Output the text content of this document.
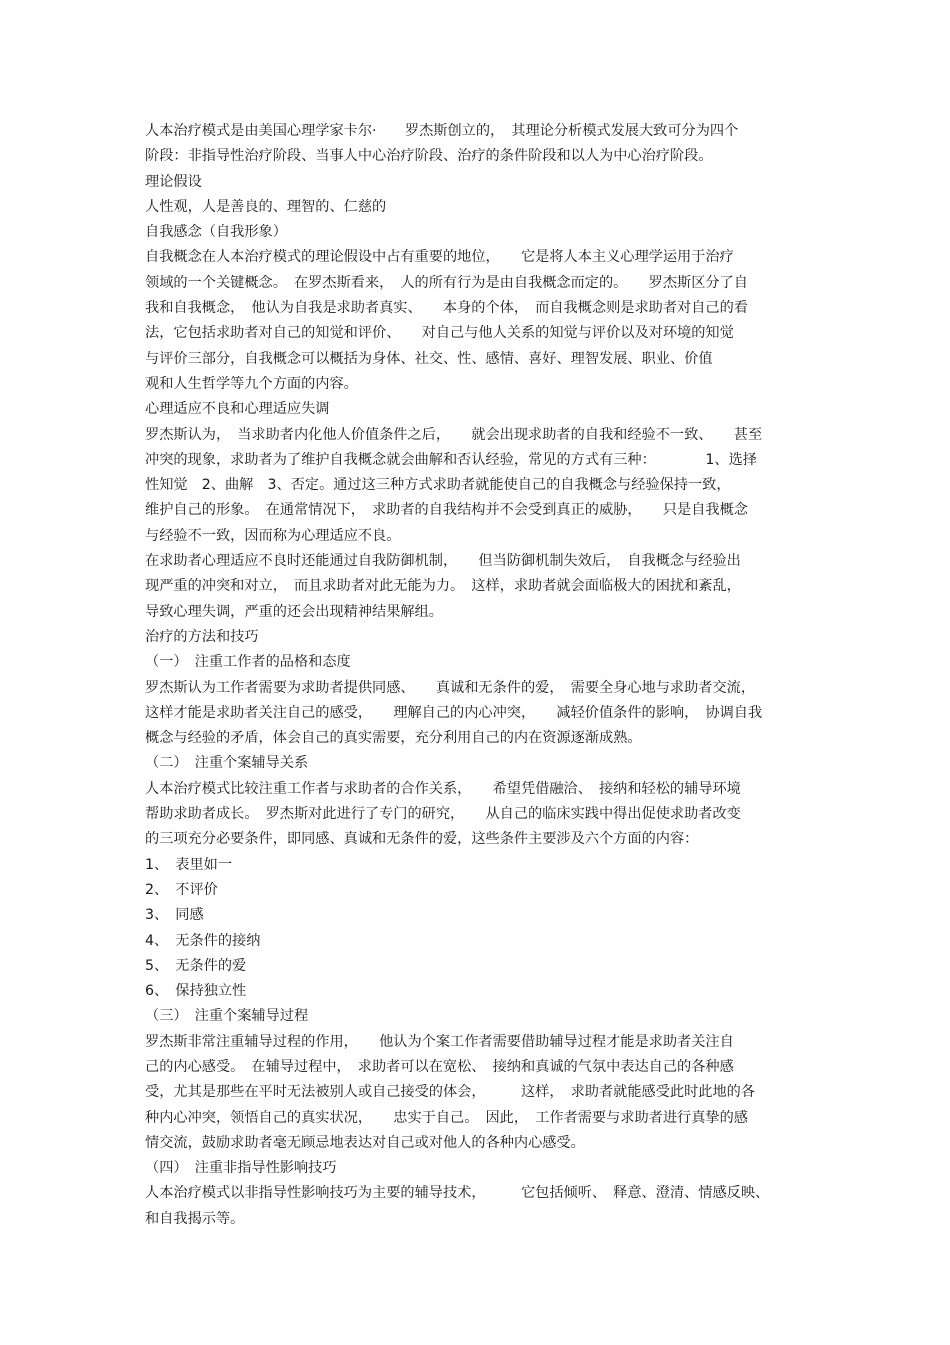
人本治疗模式是由美国心理学家卡尔·　　罗杰斯创立的，　其理论分析模式发展大致可分为四个
阶段：非指导性治疗阶段、当事人中心治疗阶段、治疗的条件阶段和以人为中心治疗阶段。
理论假设
人性观，人是善良的、理智的、仁慈的
自我感念（自我形象）
自我概念在人本治疗模式的理论假设中占有重要的地位，　　它是将人本主义心理学运用于治疗
领域的一个关键概念。　在罗杰斯看来，　人的所有行为是由自我概念而定的。　　罗杰斯区分了自
我和自我概念，　他认为自我是求助者真实、　　本身的个体，　而自我概念则是求助者对自己的看
法，它包括求助者对自己的知觉和评价、　　对自己与他人关系的知觉与评价以及对环境的知觉
与评价三部分，自我概念可以概括为身体、社交、性、感情、喜好、理智发展、职业、价值
观和人生哲学等九个方面的内容。
心理适应不良和心理适应失调
罗杰斯认为，　当求助者内化他人价值条件之后，　　就会出现求助者的自我和经验不一致、　　甚至
冲突的现象，求助者为了维护自我概念就会曲解和否认经验，常见的方式有三种：　　　　1、选择
性知觉　2、曲解　3、否定。通过这三种方式求助者就能使自己的自我概念与经验保持一致，
维护自己的形象。　在通常情况下，　求助者的自我结构并不会受到真正的威胁，　　只是自我概念
与经验不一致，因而称为心理适应不良。
在求助者心理适应不良时还能通过自我防御机制，　　但当防御机制失效后，　自我概念与经验出
现严重的冲突和对立，　而且求助者对此无能为力。　这样，求助者就会面临极大的困扰和紊乱，
导致心理失调，严重的还会出现精神结果解组。
治疗的方法和技巧
（一）　注重工作者的品格和态度
罗杰斯认为工作者需要为求助者提供同感、　　真诚和无条件的爱，　需要全身心地与求助者交流，
这样才能是求助者关注自己的感受，　　理解自己的内心冲突，　　减轻价值条件的影响，　协调自我
概念与经验的矛盾，体会自己的真实需要，充分利用自己的内在资源逐渐成熟。
（二）　注重个案辅导关系
人本治疗模式比较注重工作者与求助者的合作关系，　　希望凭借融洽、　接纳和轻松的辅导环境
帮助求助者成长。　罗杰斯对此进行了专门的研究，　　从自己的临床实践中得出促使求助者改变
的三项充分必要条件，即同感、真诚和无条件的爱，这些条件主要涉及六个方面的内容：
1、　表里如一
2、　不评价
3、　同感
4、　无条件的接纳
5、　无条件的爱
6、　保持独立性
（三）　注重个案辅导过程
罗杰斯非常注重辅导过程的作用，　　他认为个案工作者需要借助辅导过程才能是求助者关注自
己的内心感受。　在辅导过程中，　求助者可以在宽松、　接纳和真诚的气氛中表达自己的各种感
受，尤其是那些在平时无法被别人或自己接受的体会，　　　这样，　求助者就能感受此时此地的各
种内心冲突，领悟自己的真实状况，　　忠实于自己。　因此，　工作者需要与求助者进行真挚的感
情交流，鼓励求助者毫无顾忌地表达对自己或对他人的各种内心感受。
（四）　注重非指导性影响技巧
人本治疗模式以非指导性影响技巧为主要的辅导技术，　　　它包括倾听、　释意、澄清、情感反映、
和自我揭示等。
